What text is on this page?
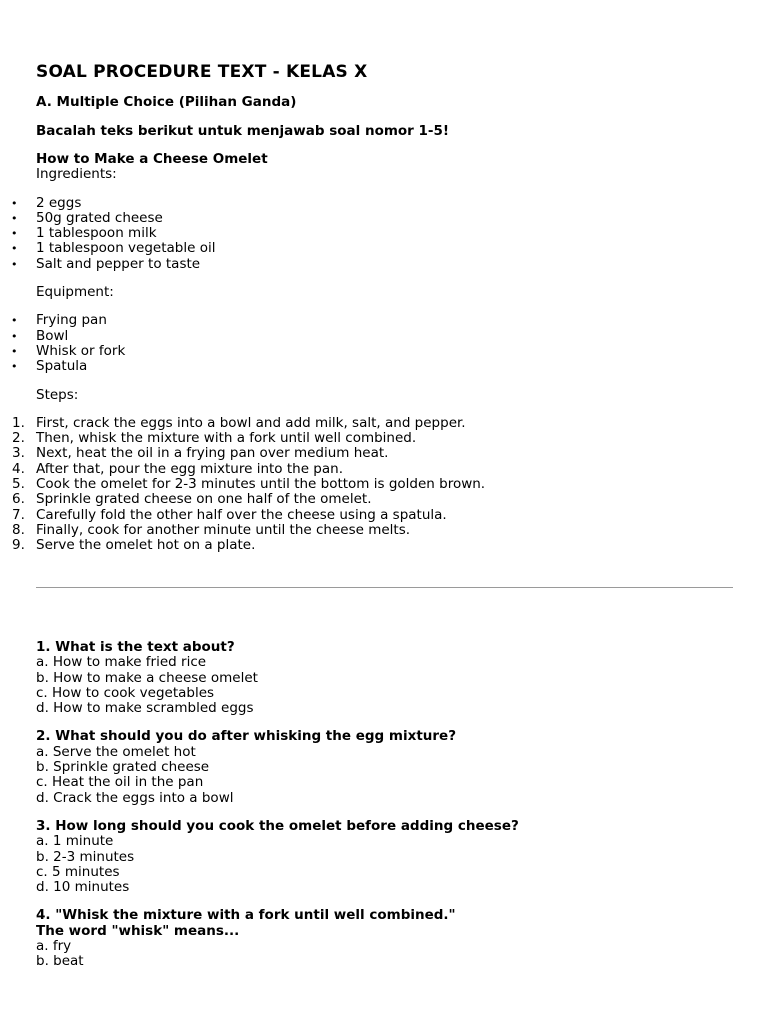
SOAL PROCEDURE TEXT - KELAS X
A. Multiple Choice (Pilihan Ganda)
Bacalah teks berikut untuk menjawab soal nomor 1-5!
How to Make a Cheese Omelet
Ingredients:
• 2 eggs
• 50g grated cheese
• 1 tablespoon milk
• 1 tablespoon vegetable oil
• Salt and pepper to taste
Equipment:
• Frying pan
• Bowl
• Whisk or fork
• Spatula
Steps:
First, crack the eggs into a bowl and add milk, salt, and pepper.
Then, whisk the mixture with a fork until well combined.
Next, heat the oil in a frying pan over medium heat.
After that, pour the egg mixture into the pan.
Cook the omelet for 2-3 minutes until the bottom is golden brown.
Sprinkle grated cheese on one half of the omelet.
Carefully fold the other half over the cheese using a spatula.
Finally, cook for another minute until the cheese melts.
Serve the omelet hot on a plate.
1. What is the text about?
a. How to make fried rice
b. How to make a cheese omelet
c. How to cook vegetables
d. How to make scrambled eggs
2. What should you do after whisking the egg mixture?
a. Serve the omelet hot
b. Sprinkle grated cheese
c. Heat the oil in the pan
d. Crack the eggs into a bowl
3. How long should you cook the omelet before adding cheese?
a. 1 minute
b. 2-3 minutes
c. 5 minutes
d. 10 minutes
4. "Whisk the mixture with a fork until well combined."
The word "whisk" means...
a. fry
b. beat
